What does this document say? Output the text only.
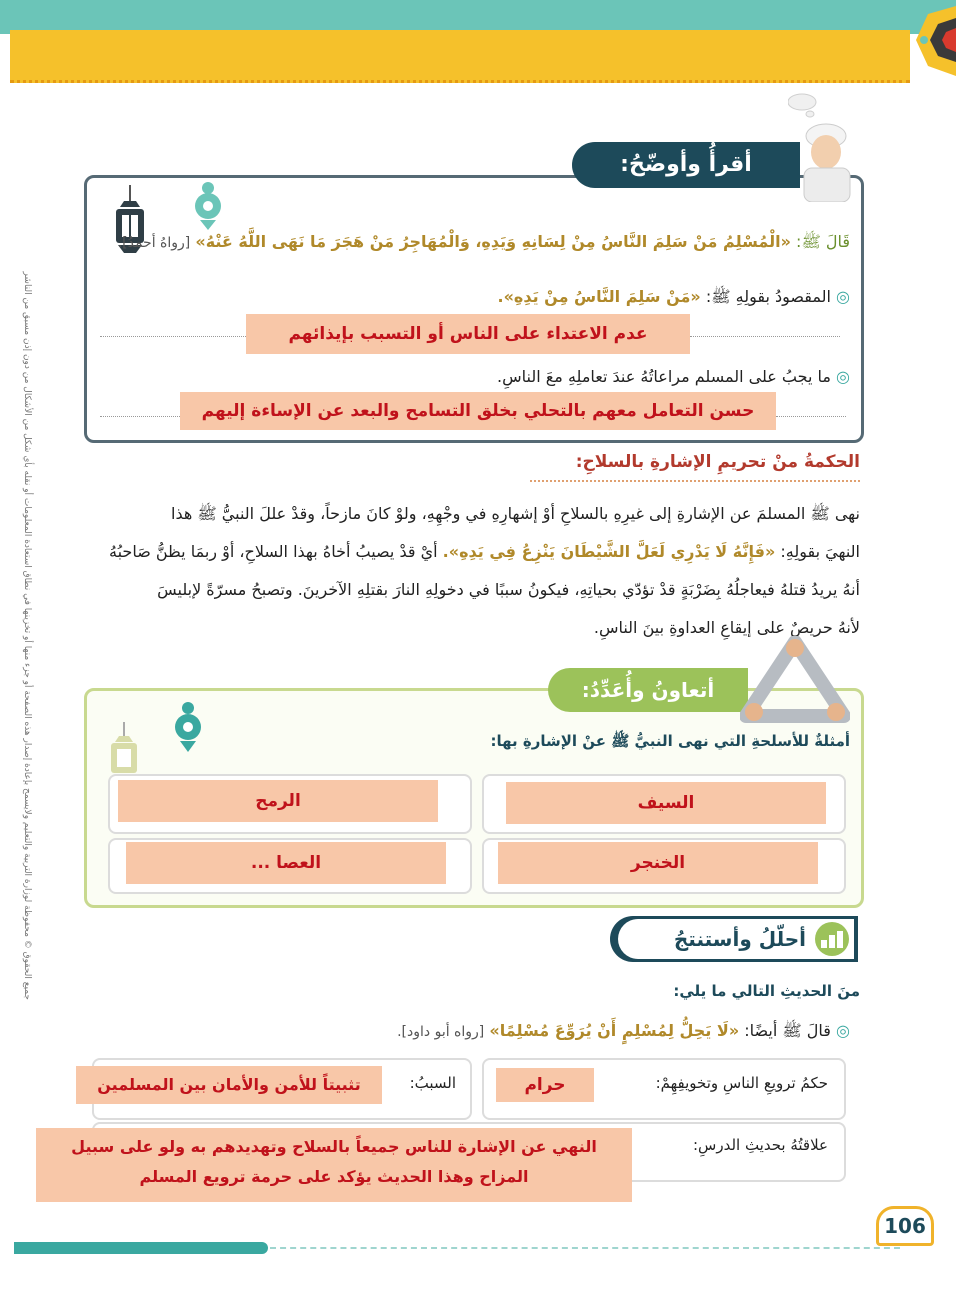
جميع الحقوق © محفوظة لوزارة التربية والتعليم ولايسمح بإعادة إصدار هذه الصفحة أو جزء منها أو تخزينها في نطاق استعادة المعلومات أو نقله بأي شكل من الأشكال من دون إذن مسبق من الناشر
أقرأُ وأوضّحُ:
قَالَ ﷺ: «الْمُسْلِمُ مَنْ سَلِمَ النَّاسُ مِنْ لِسَانِهِ وَيَدِهِ، وَالْمُهَاجِرُ مَنْ هَجَرَ مَا نَهَى اللَّهُ عَنْهُ» [رواهُ أحمدُ].
◎ المقصودُ بقولِهِ ﷺ: «مَنْ سَلِمَ النَّاسُ مِنْ يَدِهِ».
عدم الاعتداء على الناس أو التسبب بإيذائهم
◎ ما يجبُ على المسلم مراعاتُهُ عندَ تعاملِهِ معَ الناسِ.
حسن التعامل معهم بالتحلي بخلق التسامح والبعد عن الإساءة إليهم
الحكمةُ منْ تحريمِ الإشارةِ بالسلاحِ:
نهى ﷺ المسلمَ عن الإشارةِ إلى غيرِهِ بالسلاحِ أوْ إشهارِهِ في وجْهِهِ، ولوْ كانَ مازحاً، وقدْ عللَ النبيُّ ﷺ هذا
النهيَ بقولِهِ: «فَإِنَّهُ لَا يَدْرِي لَعَلَّ الشَّيْطَانَ يَنْزِعُ فِي يَدِهِ». أيْ قدْ يصيبُ أخاهُ بهذا السلاحِ، أوْ ربمَا يظنُّ صَاحبُهُ
أنهُ يريدُ قتلهُ فيعاجلُهُ بِضَرْبَةٍ قدْ تؤدّي بحياتِهِ، فيكونُ سببًا في دخولِهِ النارَ بقتلِهِ الآخرينَ. وتصبحُ مسرّةً لإبليسَ
لأنهُ حريصٌ على إيقاعِ العداوةِ بينَ الناسِ.
أتعاونُ وأُعَدِّدُ:
أمثلةٌ للأسلحةِ التي نهى النبيُّ ﷺ عنْ الإشارةِ بها:
السيف
الرمح
الخنجر
العصا ...
أحلّلُ وأستنتجُ
منَ الحديثِ التالي ما يلي:
◎ قالَ ﷺ أيضًا: «لَا يَحِلُّ لِمُسْلِمٍ أَنْ يُرَوِّعَ مُسْلِمًا» [رواه أبو داود].
حكمُ ترويعِ الناسِ وتخويفِهِمْ:
حرام
السببُ:
تثبيتاً للأمن والأمان بين المسلمين
علاقتُهُ بحديثِ الدرسِ:
النهي عن الإشارة للناس جميعاً بالسلاح وتهديدهم به ولو على سبيل
المزاح وهذا الحديث يؤكد على حرمة ترويع المسلم
106
